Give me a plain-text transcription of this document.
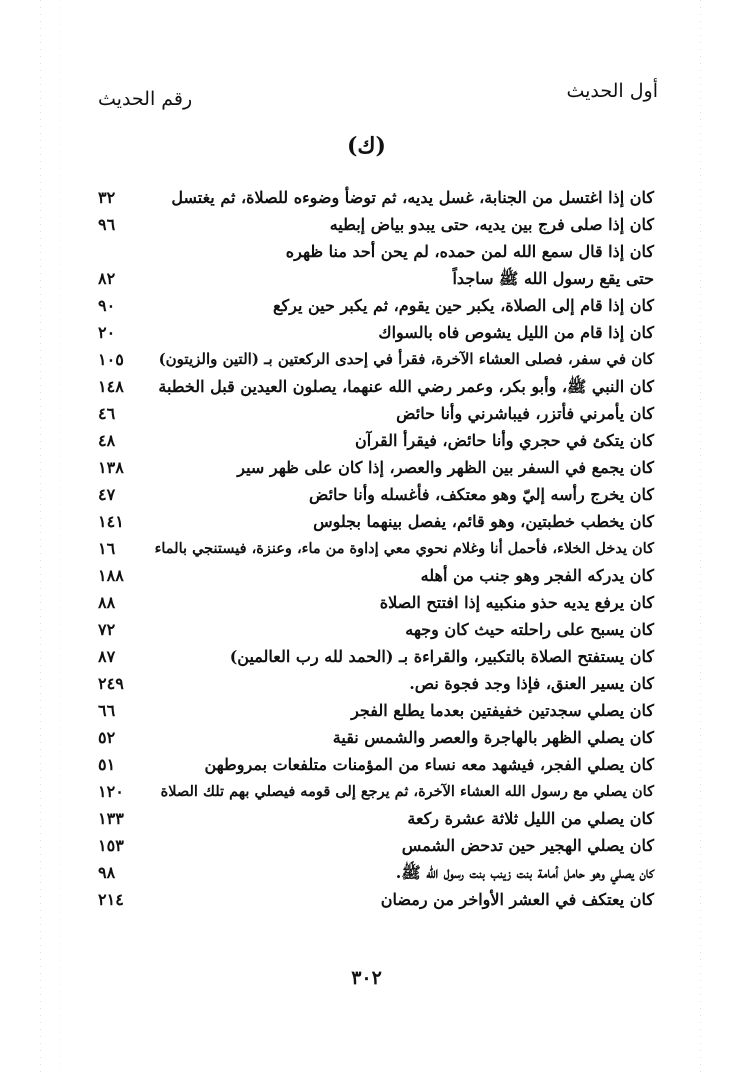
أول الحديث
رقم الحديث
(ك)
كان إذا اغتسل من الجنابة، غسل يديه، ثم توضأ وضوءه للصلاة، ثم يغتسل
٣٢
كان إذا صلى فرج بين يديه، حتى يبدو بياض إبطيه
٩٦
كان إذا قال سمع الله لمن حمده، لم يحن أحد منا ظهره
حتى يقع رسول الله ﷺ ساجداً
٨٢
كان إذا قام إلى الصلاة، يكبر حين يقوم، ثم يكبر حين يركع
٩٠
كان إذا قام من الليل يشوص فاه بالسواك
٢٠
كان في سفر، فصلى العشاء الآخرة، فقرأ في إحدى الركعتين بـ (التين والزيتون)
١٠٥
كان النبي ﷺ، وأبو بكر، وعمر رضي الله عنهما، يصلون العيدين قبل الخطبة
١٤٨
كان يأمرني فأتزر، فيباشرني وأنا حائض
٤٦
كان يتكئ في حجري وأنا حائض، فيقرأ القرآن
٤٨
كان يجمع في السفر بين الظهر والعصر، إذا كان على ظهر سير
١٣٨
كان يخرج رأسه إليّ وهو معتكف، فأغسله وأنا حائض
٤٧
كان يخطب خطبتين، وهو قائم، يفصل بينهما بجلوس
١٤١
كان يدخل الخلاء، فأحمل أنا وغلام نحوي معي إداوة من ماء، وعنزة، فيستنجي بالماء
١٦
كان يدركه الفجر وهو جنب من أهله
١٨٨
كان يرفع يديه حذو منكبيه إذا افتتح الصلاة
٨٨
كان يسبح على راحلته حيث كان وجهه
٧٢
كان يستفتح الصلاة بالتكبير، والقراءة بـ (الحمد لله رب العالمين)
٨٧
كان يسير العنق، فإذا وجد فجوة نص.
٢٤٩
كان يصلي سجدتين خفيفتين بعدما يطلع الفجر
٦٦
كان يصلي الظهر بالهاجرة والعصر والشمس نقية
٥٢
كان يصلي الفجر، فيشهد معه نساء من المؤمنات متلفعات بمروطهن
٥١
كان يصلي مع رسول الله العشاء الآخرة، ثم يرجع إلى قومه فيصلي بهم تلك الصلاة
١٢٠
كان يصلي من الليل ثلاثة عشرة ركعة
١٣٣
كان يصلي الهجير حين تدحض الشمس
١٥٣
كان يصلي وهو حامل أمامة بنت زينب بنت رسول الله ﷺ.
٩٨
كان يعتكف في العشر الأواخر من رمضان
٢١٤
٣٠٢
